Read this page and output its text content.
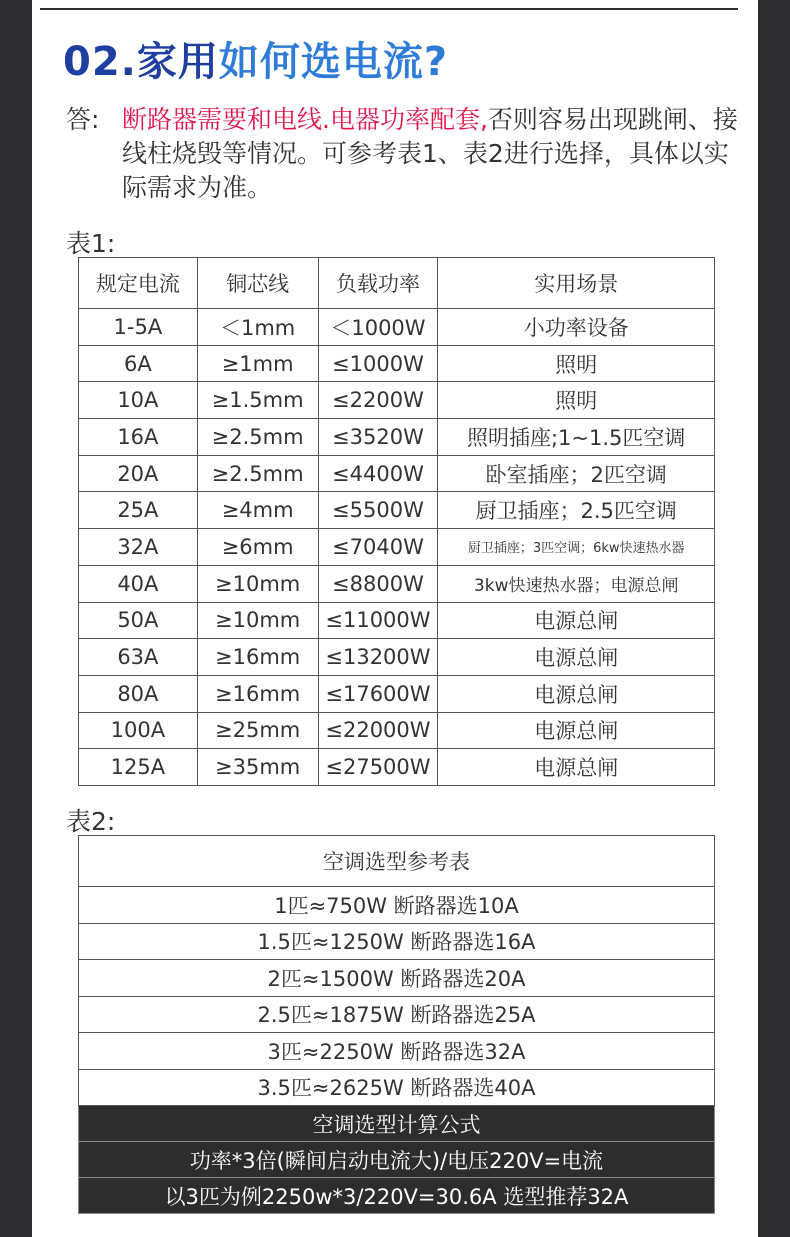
02.家用如何选电流?
答: 断路器需要和电线.电器功率配套,否则容易出现跳闸、接线柱烧毁等情况。可参考表1、表2进行选择，具体以实际需求为准。
表1:
规定电流	铜芯线	负载功率	实用场景
1-5A	＜1mm	＜1000W	小功率设备
6A	≥1mm	≤1000W	照明
10A	≥1.5mm	≤2200W	照明
16A	≥2.5mm	≤3520W	照明插座;1~1.5匹空调
20A	≥2.5mm	≤4400W	卧室插座；2匹空调
25A	≥4mm	≤5500W	厨卫插座；2.5匹空调
32A	≥6mm	≤7040W	厨卫插座；3匹空调；6kw快速热水器
40A	≥10mm	≤8800W	3kw快速热水器；电源总闸
50A	≥10mm	≤11000W	电源总闸
63A	≥16mm	≤13200W	电源总闸
80A	≥16mm	≤17600W	电源总闸
100A	≥25mm	≤22000W	电源总闸
125A	≥35mm	≤27500W	电源总闸
表2:
空调选型参考表
1匹≈750W 断路器选10A
1.5匹≈1250W 断路器选16A
2匹≈1500W 断路器选20A
2.5匹≈1875W 断路器选25A
3匹≈2250W 断路器选32A
3.5匹≈2625W 断路器选40A
空调选型计算公式
功率*3倍(瞬间启动电流大)/电压220V=电流
以3匹为例2250w*3/220V=30.6A 选型推荐32A
